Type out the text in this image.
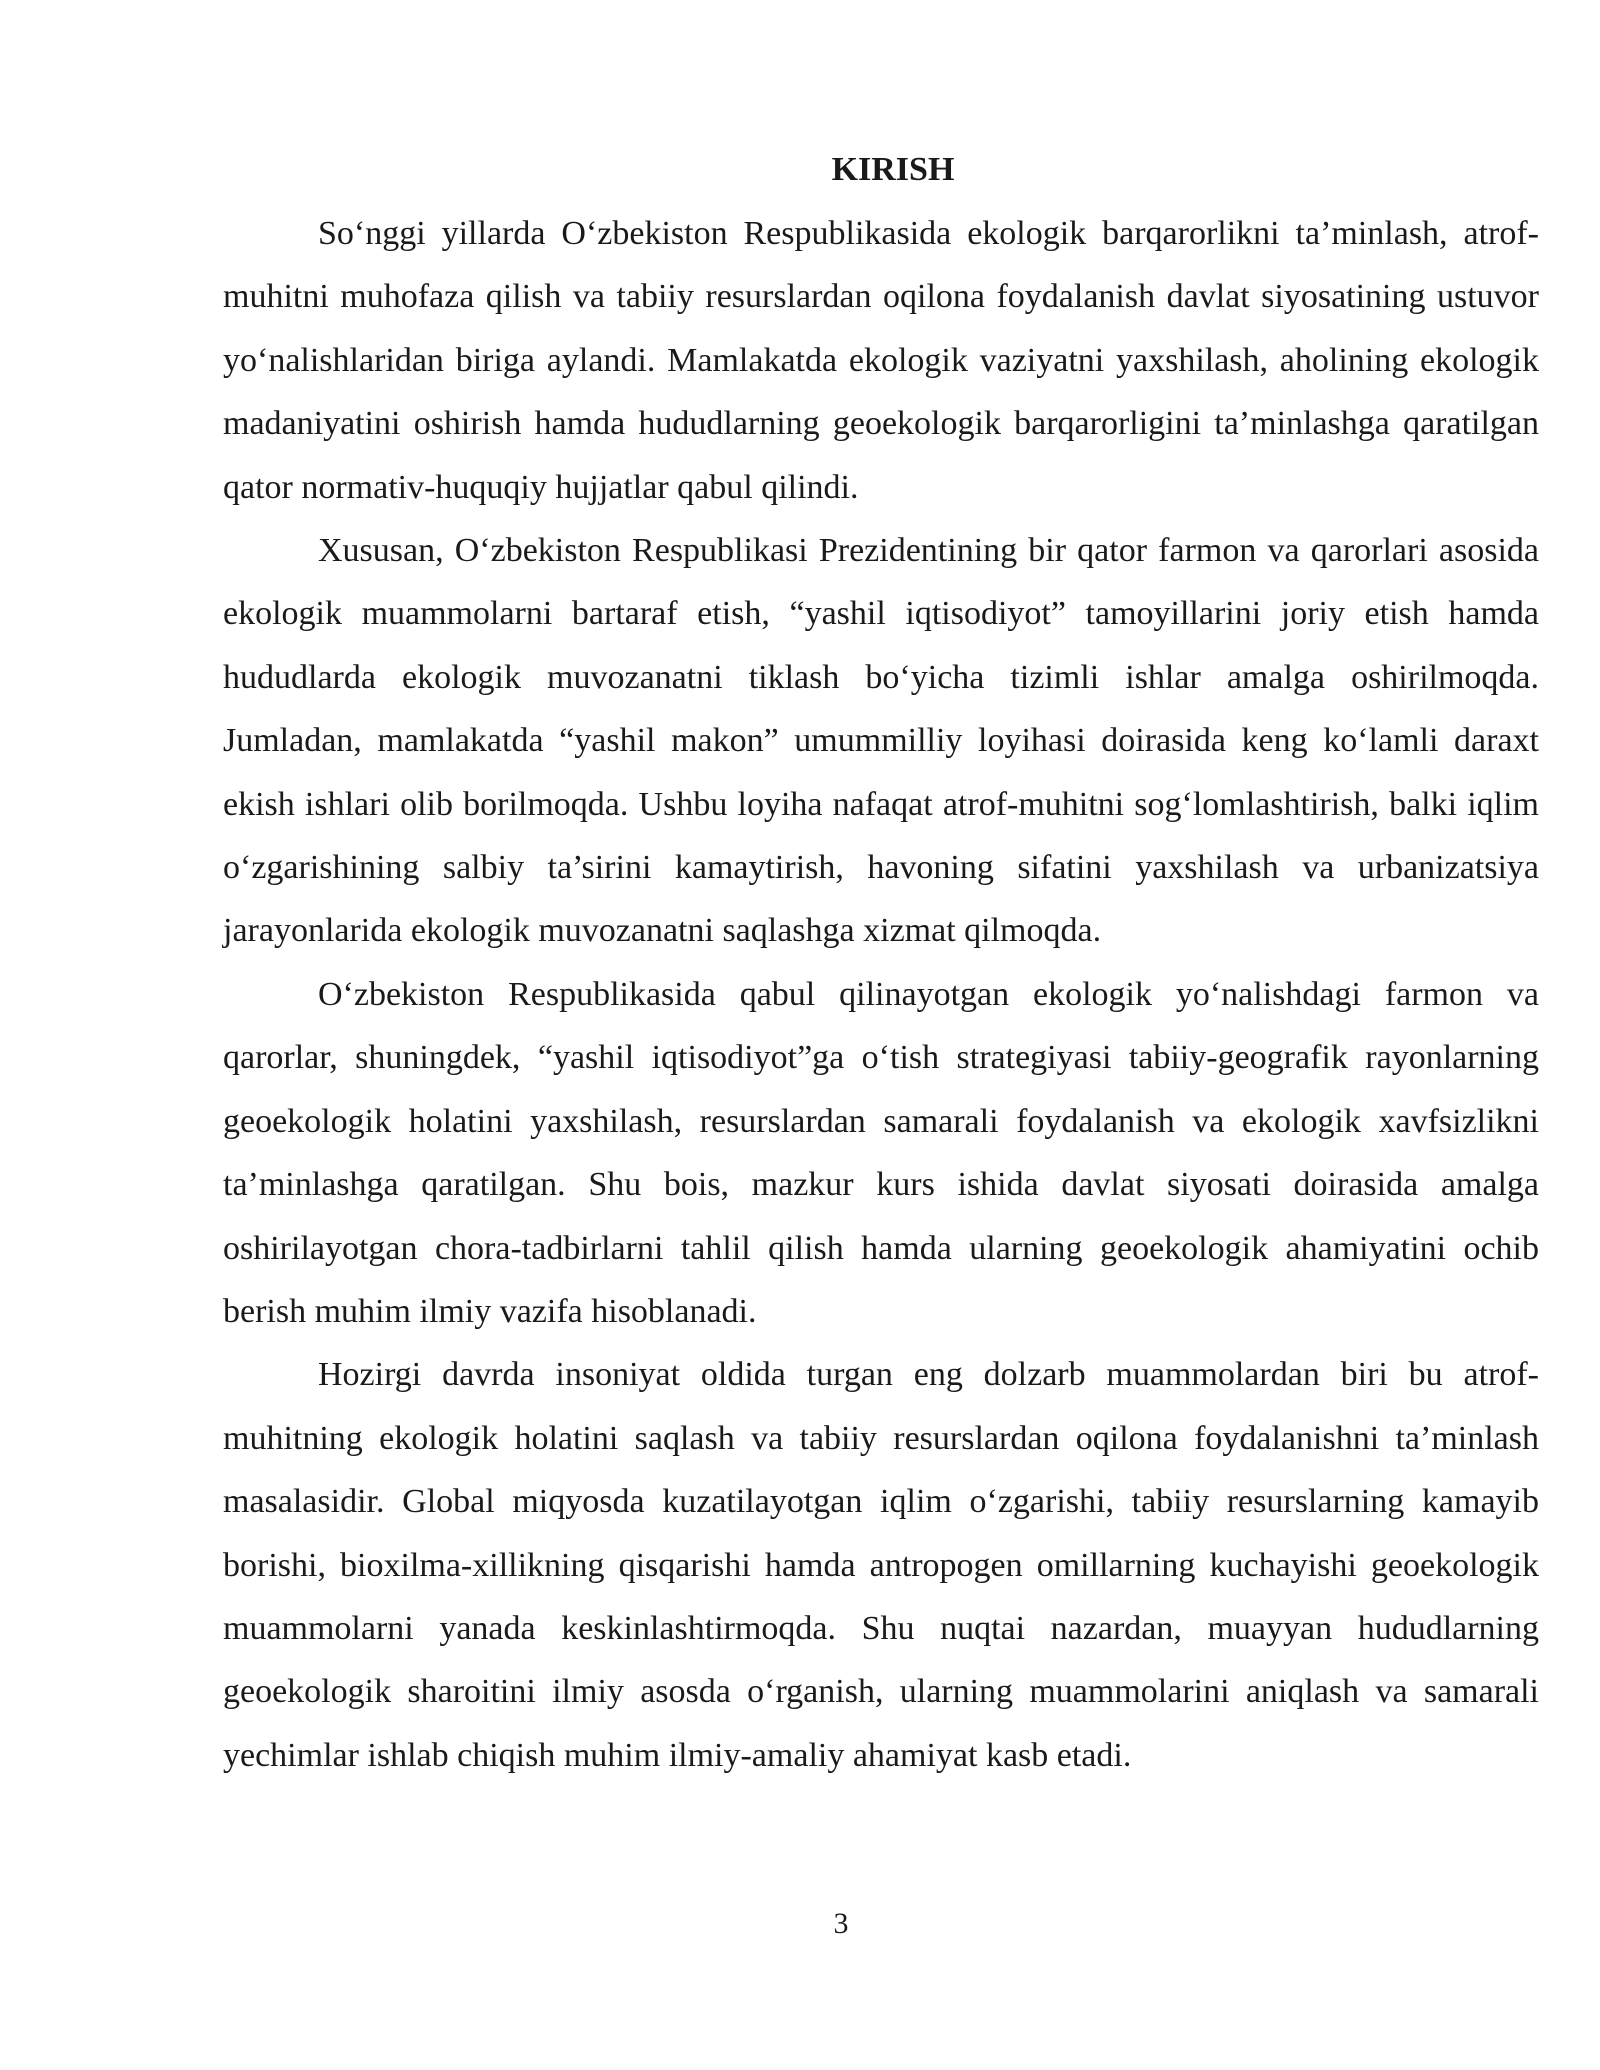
KIRISH

So‘nggi yillarda O‘zbekiston Respublikasida ekologik barqarorlikni ta’minlash, atrof-muhitni muhofaza qilish va tabiiy resurslardan oqilona foydalanish davlat siyosatining ustuvor yo‘nalishlaridan biriga aylandi. Mamlakatda ekologik vaziyatni yaxshilash, aholining ekologik madaniyatini oshirish hamda hududlarning geoekologik barqarorligini ta’minlashga qaratilgan qator normativ-huquqiy hujjatlar qabul qilindi.

Xususan, O‘zbekiston Respublikasi Prezidentining bir qator farmon va qarorlari asosida ekologik muammolarni bartaraf etish, “yashil iqtisodiyot” tamoyillarini joriy etish hamda hududlarda ekologik muvozanatni tiklash bo‘yicha tizimli ishlar amalga oshirilmoqda. Jumladan, mamlakatda “yashil makon” umummilliy loyihasi doirasida keng ko‘lamli daraxt ekish ishlari olib borilmoqda. Ushbu loyiha nafaqat atrof-muhitni sog‘lomlashtirish, balki iqlim o‘zgarishining salbiy ta’sirini kamaytirish, havoning sifatini yaxshilash va urbanizatsiya jarayonlarida ekologik muvozanatni saqlashga xizmat qilmoqda.

O‘zbekiston Respublikasida qabul qilinayotgan ekologik yo‘nalishdagi farmon va qarorlar, shuningdek, “yashil iqtisodiyot”ga o‘tish strategiyasi tabiiy-geografik rayonlarning geoekologik holatini yaxshilash, resurslardan samarali foydalanish va ekologik xavfsizlikni ta’minlashga qaratilgan. Shu bois, mazkur kurs ishida davlat siyosati doirasida amalga oshirilayotgan chora-tadbirlarni tahlil qilish hamda ularning geoekologik ahamiyatini ochib berish muhim ilmiy vazifa hisoblanadi.

Hozirgi davrda insoniyat oldida turgan eng dolzarb muammolardan biri bu atrof-muhitning ekologik holatini saqlash va tabiiy resurslardan oqilona foydalanishni ta’minlash masalasidir. Global miqyosda kuzatilayotgan iqlim o‘zgarishi, tabiiy resurslarning kamayib borishi, bioxilma-xillikning qisqarishi hamda antropogen omillarning kuchayishi geoekologik muammolarni yanada keskinlashtirmoqda. Shu nuqtai nazardan, muayyan hududlarning geoekologik sharoitini ilmiy asosda o‘rganish, ularning muammolarini aniqlash va samarali yechimlar ishlab chiqish muhim ilmiy-amaliy ahamiyat kasb etadi.

3
